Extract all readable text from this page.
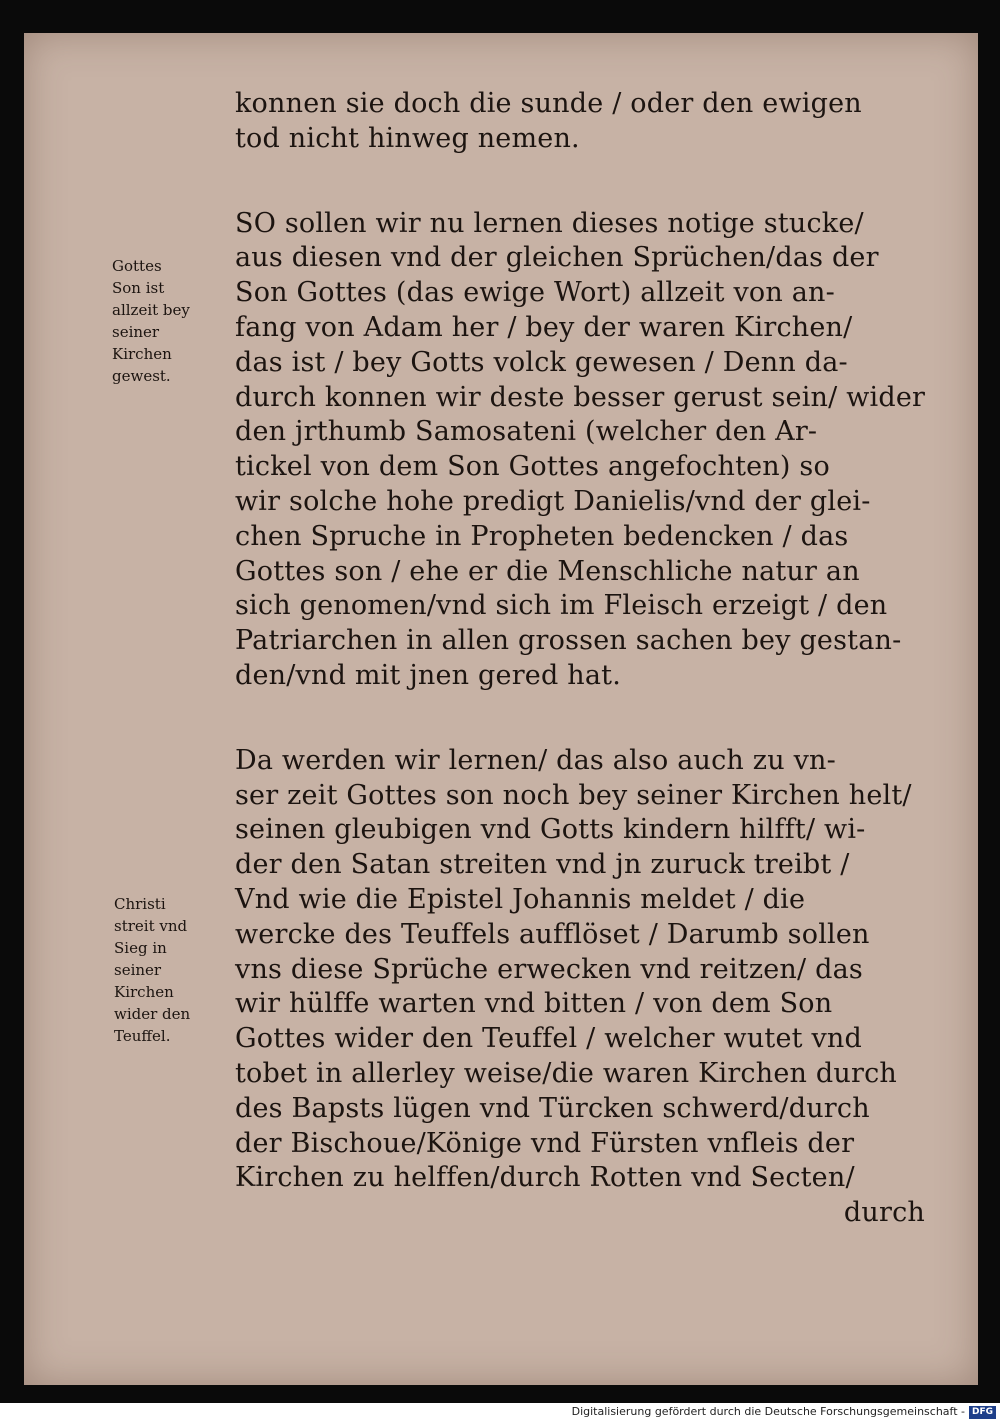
konnen sie doch die sunde / oder den ewigen
tod nicht hinweg nemen.
SO sollen wir nu lernen dieses notige stucke/
aus diesen vnd der gleichen Sprüchen/das der
Son Gottes (das ewige Wort) allzeit von an-
fang von Adam her / bey der waren Kirchen/
das ist / bey Gotts volck gewesen / Denn da-
durch konnen wir deste besser gerust sein/ wider
den jrthumb Samosateni (welcher den Ar-
tickel von dem Son Gottes angefochten) so
wir solche hohe predigt Danielis/vnd der glei-
chen Spruche in Propheten bedencken / das
Gottes son / ehe er die Menschliche natur an
sich genomen/vnd sich im Fleisch erzeigt / den
Patriarchen in allen grossen sachen bey gestan-
den/vnd mit jnen gered hat.
Da werden wir lernen/ das also auch zu vn-
ser zeit Gottes son noch bey seiner Kirchen helt/
seinen gleubigen vnd Gotts kindern hilfft/ wi-
der den Satan streiten vnd jn zuruck treibt /
Vnd wie die Epistel Johannis meldet / die
wercke des Teuffels aufflöset / Darumb sollen
vns diese Sprüche erwecken vnd reitzen/ das
wir hülffe warten vnd bitten / von dem Son
Gottes wider den Teuffel / welcher wutet vnd
tobet in allerley weise/die waren Kirchen durch
des Bapsts lügen vnd Türcken schwerd/durch
der Bischoue/Könige vnd Fürsten vnfleis der
Kirchen zu helffen/durch Rotten vnd Secten/
durch
Gottes
Son ist
allzeit bey
seiner
Kirchen
gewest.
Christi
streit vnd
Sieg in
seiner
Kirchen
wider den
Teuffel.
Digitalisierung gefördert durch die Deutsche Forschungsgemeinschaft - DFG
